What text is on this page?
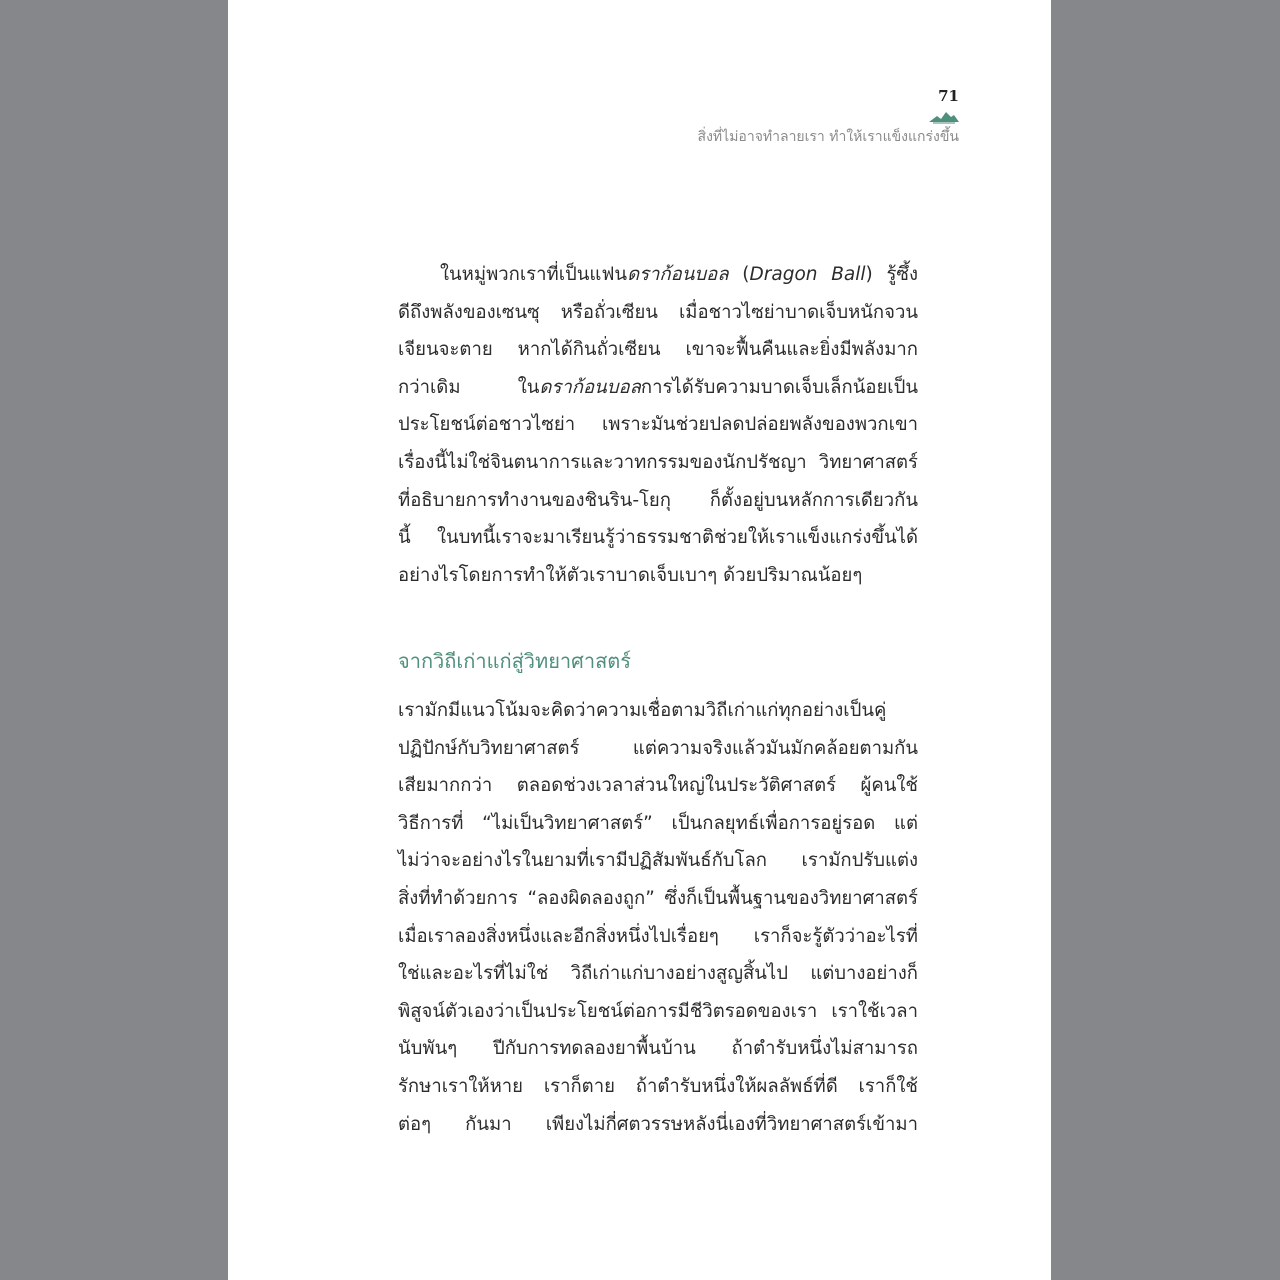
71
สิ่งที่ไม่อาจทำลายเรา ทำให้เราแข็งแกร่งขึ้น
ในหมู่พวกเราที่เป็นแฟนดราก้อนบอล (Dragon Ball) รู้ซึ้ง
ดีถึงพลังของเซนซุ หรือถั่วเซียน เมื่อชาวไซย่าบาดเจ็บหนักจวน
เจียนจะตาย หากได้กินถั่วเซียน เขาจะฟื้นคืนและยิ่งมีพลังมาก
กว่าเดิม ในดราก้อนบอลการได้รับความบาดเจ็บเล็กน้อยเป็น
ประโยชน์ต่อชาวไซย่า เพราะมันช่วยปลดปล่อยพลังของพวกเขา
เรื่องนี้ไม่ใช่จินตนาการและวาทกรรมของนักปรัชญา วิทยาศาสตร์
ที่อธิบายการทำงานของชินริน-โยกุ ก็ตั้งอยู่บนหลักการเดียวกัน
นี้ ในบทนี้เราจะมาเรียนรู้ว่าธรรมชาติช่วยให้เราแข็งแกร่งขึ้นได้
อย่างไรโดยการทำให้ตัวเราบาดเจ็บเบาๆ ด้วยปริมาณน้อยๆ
จากวิถีเก่าแก่สู่วิทยาศาสตร์
เรามักมีแนวโน้มจะคิดว่าความเชื่อตามวิถีเก่าแก่ทุกอย่างเป็นคู่
ปฏิปักษ์กับวิทยาศาสตร์ แต่ความจริงแล้วมันมักคล้อยตามกัน
เสียมากกว่า ตลอดช่วงเวลาส่วนใหญ่ในประวัติศาสตร์ ผู้คนใช้
วิธีการที่ “ไม่เป็นวิทยาศาสตร์” เป็นกลยุทธ์เพื่อการอยู่รอด แต่
ไม่ว่าจะอย่างไรในยามที่เรามีปฏิสัมพันธ์กับโลก เรามักปรับแต่ง
สิ่งที่ทำด้วยการ “ลองผิดลองถูก” ซึ่งก็เป็นพื้นฐานของวิทยาศาสตร์
เมื่อเราลองสิ่งหนึ่งและอีกสิ่งหนึ่งไปเรื่อยๆ เราก็จะรู้ตัวว่าอะไรที่
ใช่และอะไรที่ไม่ใช่ วิถีเก่าแก่บางอย่างสูญสิ้นไป แต่บางอย่างก็
พิสูจน์ตัวเองว่าเป็นประโยชน์ต่อการมีชีวิตรอดของเรา เราใช้เวลา
นับพันๆ ปีกับการทดลองยาพื้นบ้าน ถ้าตำรับหนึ่งไม่สามารถ
รักษาเราให้หาย เราก็ตาย ถ้าตำรับหนึ่งให้ผลลัพธ์ที่ดี เราก็ใช้
ต่อๆ กันมา เพียงไม่กี่ศตวรรษหลังนี่เองที่วิทยาศาสตร์เข้ามา
